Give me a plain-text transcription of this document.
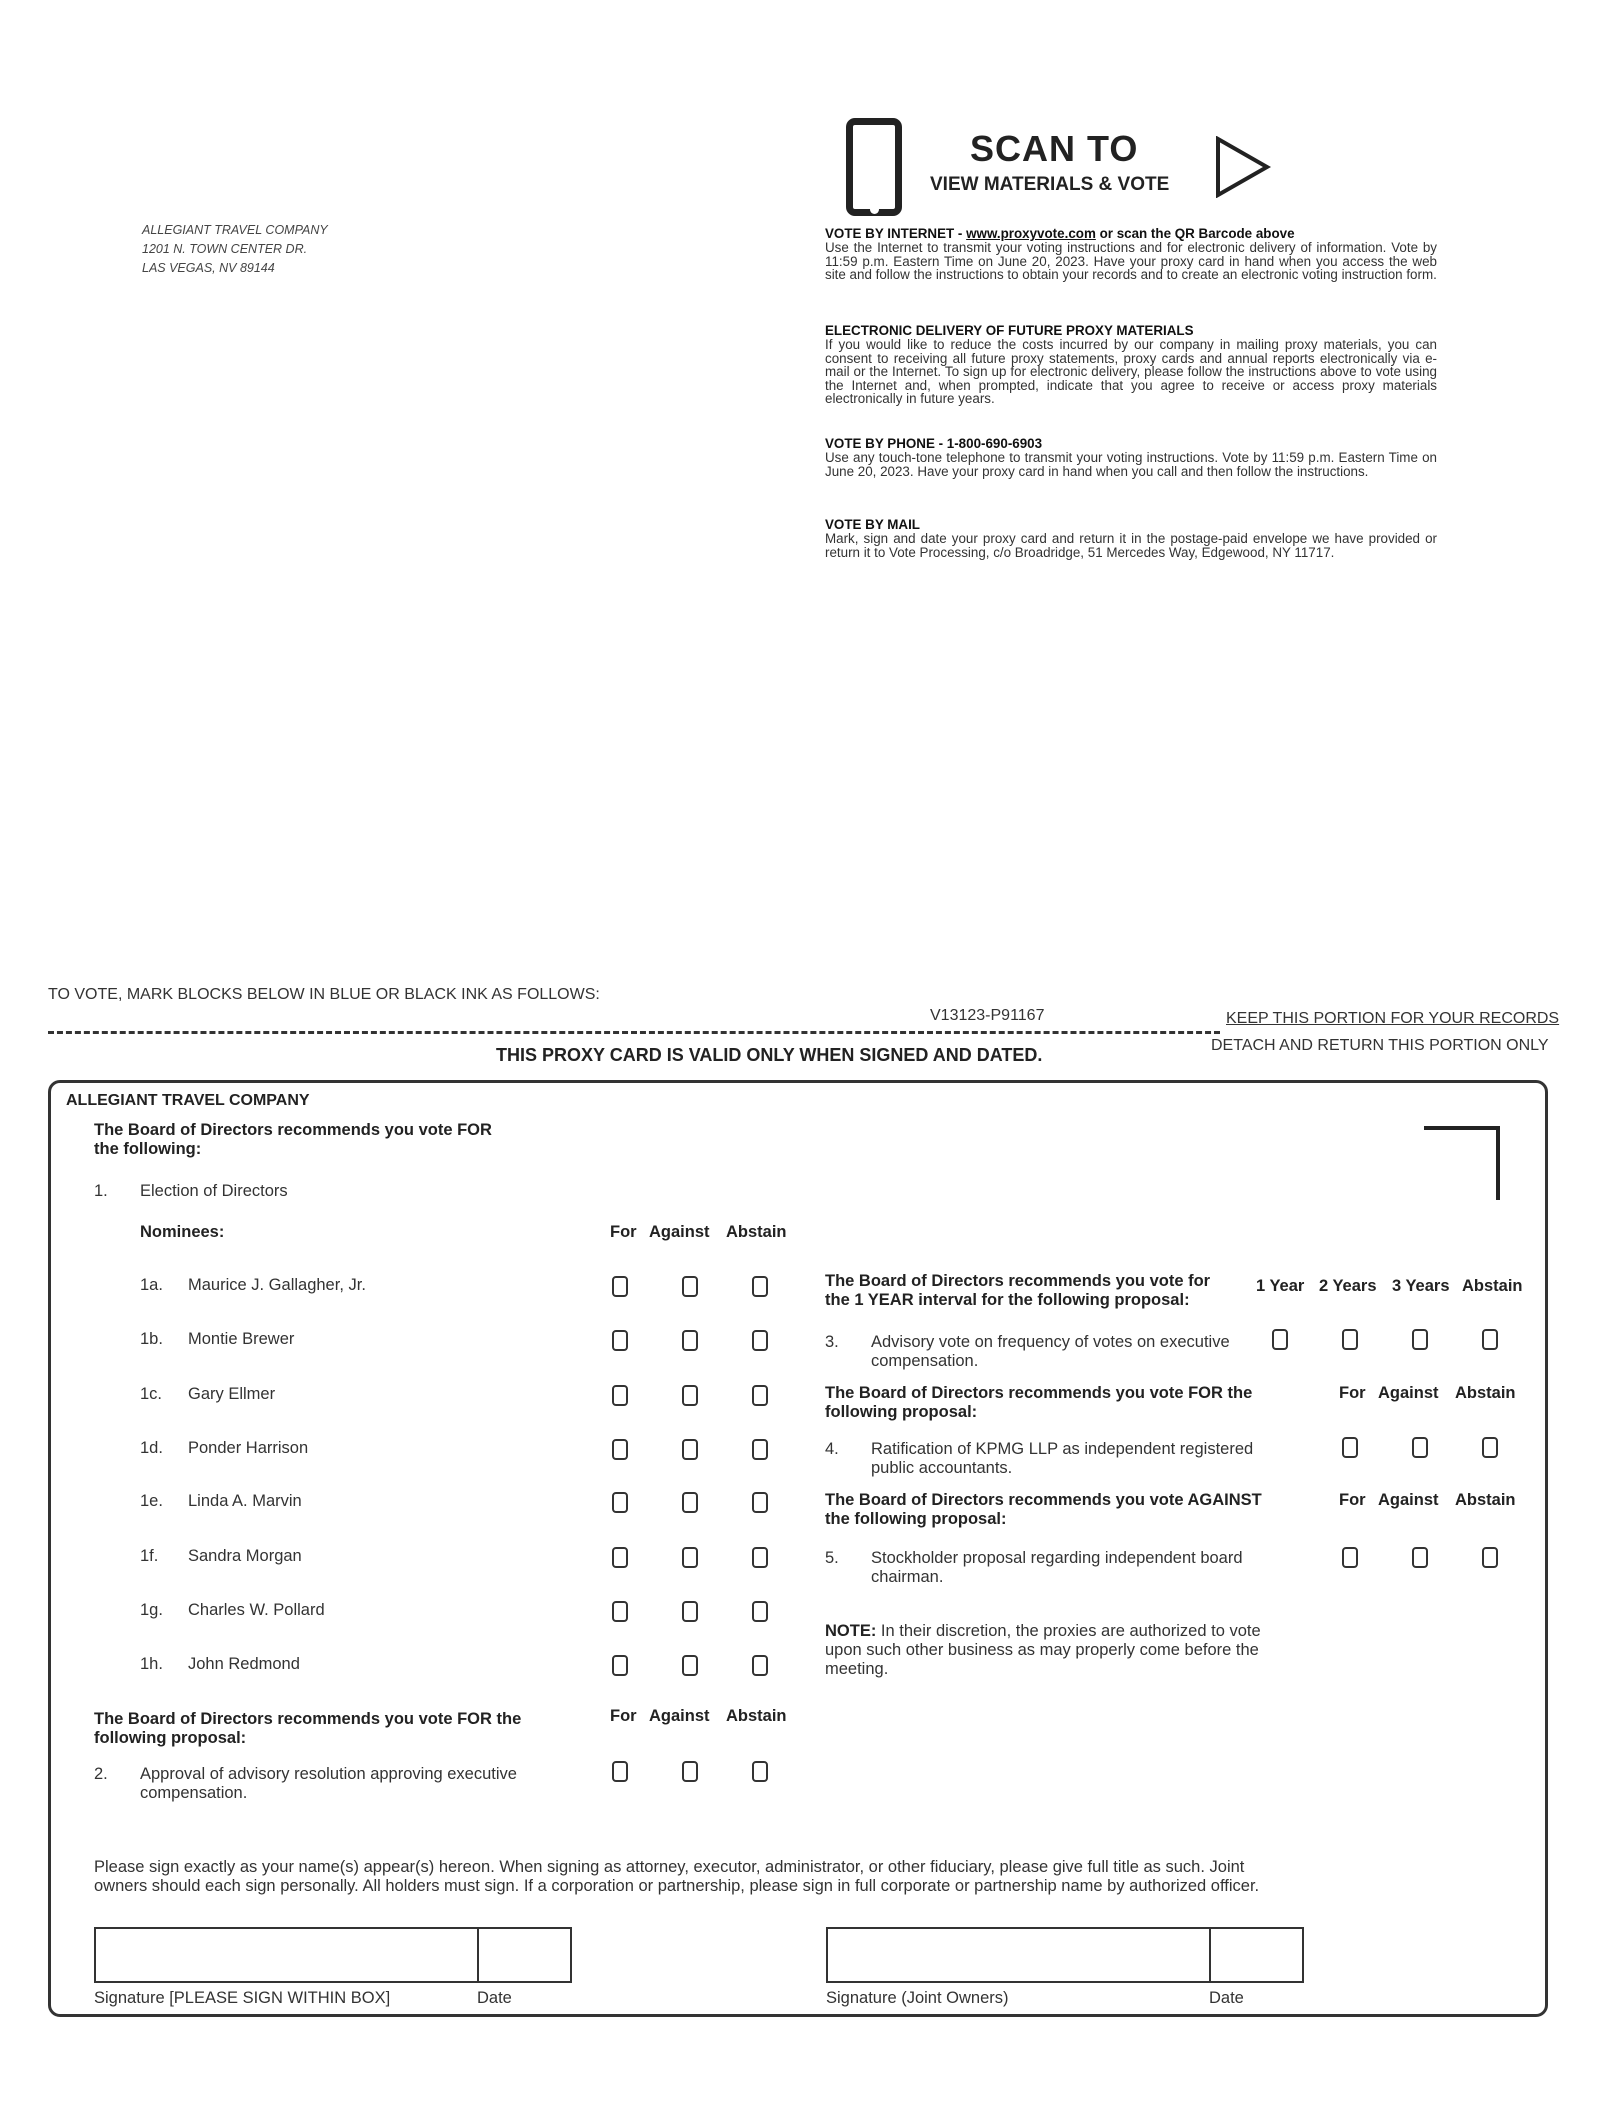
ALLEGIANT TRAVEL COMPANY
1201 N. TOWN CENTER DR.
LAS VEGAS, NV 89144
SCAN TO
VIEW MATERIALS & VOTE
VOTE BY INTERNET - www.proxyvote.com or scan the QR Barcode above
Use the Internet to transmit your voting instructions and for electronic delivery of information. Vote by 11:59 p.m. Eastern Time on June 20, 2023. Have your proxy card in hand when you access the web site and follow the instructions to obtain your records and to create an electronic voting instruction form.
ELECTRONIC DELIVERY OF FUTURE PROXY MATERIALS
If you would like to reduce the costs incurred by our company in mailing proxy materials, you can consent to receiving all future proxy statements, proxy cards and annual reports electronically via e-mail or the Internet. To sign up for electronic delivery, please follow the instructions above to vote using the Internet and, when prompted, indicate that you agree to receive or access proxy materials electronically in future years.
VOTE BY PHONE - 1-800-690-6903
Use any touch-tone telephone to transmit your voting instructions. Vote by 11:59 p.m. Eastern Time on June 20, 2023. Have your proxy card in hand when you call and then follow the instructions.
VOTE BY MAIL
Mark, sign and date your proxy card and return it in the postage-paid envelope we have provided or return it to Vote Processing, c/o Broadridge, 51 Mercedes Way, Edgewood, NY 11717.
TO VOTE, MARK BLOCKS BELOW IN BLUE OR BLACK INK AS FOLLOWS:
V13123-P91167	KEEP THIS PORTION FOR YOUR RECORDS
DETACH AND RETURN THIS PORTION ONLY
THIS PROXY CARD IS VALID ONLY WHEN SIGNED AND DATED.
ALLEGIANT TRAVEL COMPANY
The Board of Directors recommends you vote FOR
the following:
1. Election of Directors
Nominees:	For Against Abstain
1a. Maurice J. Gallagher, Jr.
1b. Montie Brewer
1c. Gary Ellmer
1d. Ponder Harrison
1e. Linda A. Marvin
1f. Sandra Morgan
1g. Charles W. Pollard
1h. John Redmond
The Board of Directors recommends you vote FOR the
following proposal:
For Against Abstain
2. Approval of advisory resolution approving executive
compensation.
The Board of Directors recommends you vote for
the 1 YEAR interval for the following proposal:
1 Year 2 Years 3 Years Abstain
3. Advisory vote on frequency of votes on executive
compensation.
The Board of Directors recommends you vote FOR the
following proposal:
For Against Abstain
4. Ratification of KPMG LLP as independent registered
public accountants.
The Board of Directors recommends you vote AGAINST
the following proposal:
For Against Abstain
5. Stockholder proposal regarding independent board
chairman.
NOTE: In their discretion, the proxies are authorized to vote
upon such other business as may properly come before the
meeting.
Please sign exactly as your name(s) appear(s) hereon. When signing as attorney, executor, administrator, or other fiduciary, please give full title as such. Joint
owners should each sign personally. All holders must sign. If a corporation or partnership, please sign in full corporate or partnership name by authorized officer.
Signature [PLEASE SIGN WITHIN BOX]	Date	Signature (Joint Owners)	Date
